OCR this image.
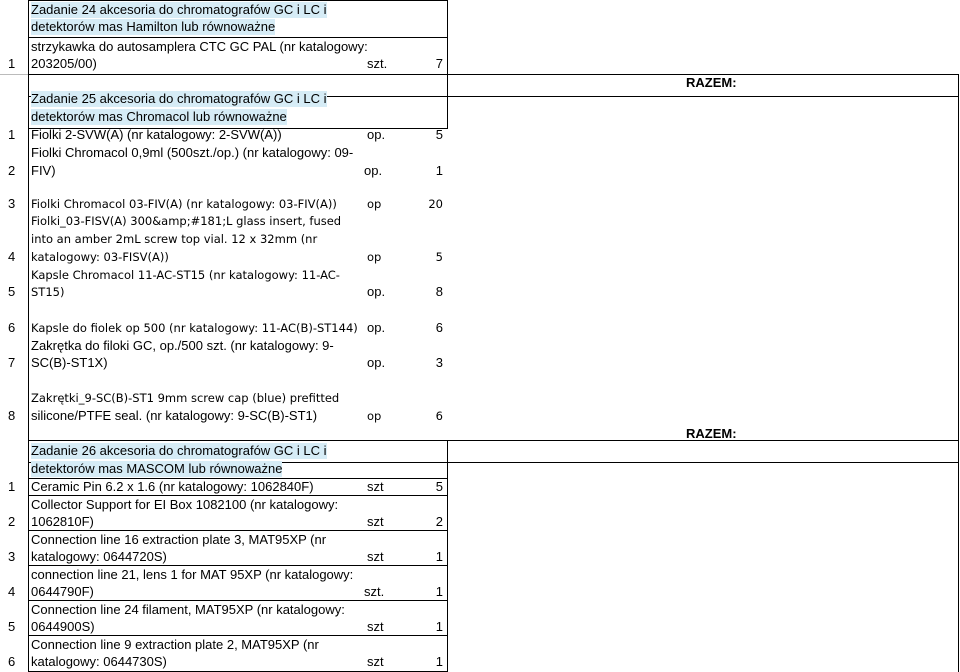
Zadanie 24 akcesoria do chromatografów GC i LC i
detektorów mas Hamilton lub równoważne
1
strzykawka do autosamplera CTC GC PAL (nr katalogowy:
203205/00)	szt.	7
RAZEM:
Zadanie 25 akcesoria do chromatografów GC i LC i
detektorów mas Chromacol lub równoważne
1 Fiolki 2-SVW(A) (nr katalogowy: 2-SVW(A))	op.	5
2
Fiolki Chromacol 0,9ml (500szt./op.) (nr katalogowy: 09-
FIV)	op.	1
3 Fiolki Chromacol 03-FIV(A) (nr katalogowy: 03-FIV(A))	op	20
4
Fiolki_03-FISV(A) 300&amp;#181;L glass insert, fused
into an amber 2mL screw top vial. 12 x 32mm (nr
katalogowy: 03-FISV(A))	op	5
5
Kapsle Chromacol 11-AC-ST15 (nr katalogowy: 11-AC-
ST15)	op.	8
6 Kapsle do fiolek op 500 (nr katalogowy: 11-AC(B)-ST144) op.	6
7
Zakrętka do filoki GC, op./500 szt. (nr katalogowy: 9-
SC(B)-ST1X)	op.	3
8
Zakrętki_9-SC(B)-ST1 9mm screw cap (blue) prefitted
silicone/PTFE seal. (nr katalogowy: 9-SC(B)-ST1)	op	6
RAZEM:
Zadanie 26 akcesoria do chromatografów GC i LC i
detektorów mas MASCOM lub równoważne
1 Ceramic Pin 6.2 x 1.6 (nr katalogowy: 1062840F)	szt	5
2
Collector Support for EI Box 1082100 (nr katalogowy:
1062810F)	szt	2
3
Connection line 16 extraction plate 3, MAT95XP (nr
katalogowy: 0644720S)	szt	1
4
connection line 21, lens 1 for MAT 95XP (nr katalogowy:
0644790F)	szt.	1
5
Connection line 24 filament, MAT95XP (nr katalogowy:
0644900S)	szt	1
6
Connection line 9 extraction plate 2, MAT95XP (nr
katalogowy: 0644730S)	szt	1
